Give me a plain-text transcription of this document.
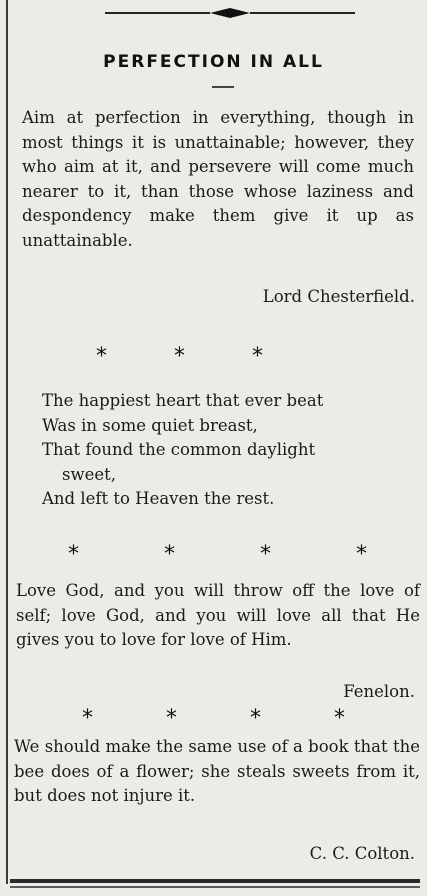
PERFECTION IN ALL
Aim at perfection in everything, though in most things it is unattainable; however, they who aim at it, and persevere will come much nearer to it, than those whose laziness and despondency make them give it up as unattainable.
Lord Chesterfield.
*	*	*
The happiest heart that ever beat
Was in some quiet breast,
That found the common daylight
sweet,
And left to Heaven the rest.
*	*	*	*
Love God, and you will throw off the love of self; love God, and you will love all that He gives you to love for love of Him.
Fenelon.
*	*	*	*
We should make the same use of a book that the bee does of a flower; she steals sweets from it, but does not injure it.
C. C. Colton.
